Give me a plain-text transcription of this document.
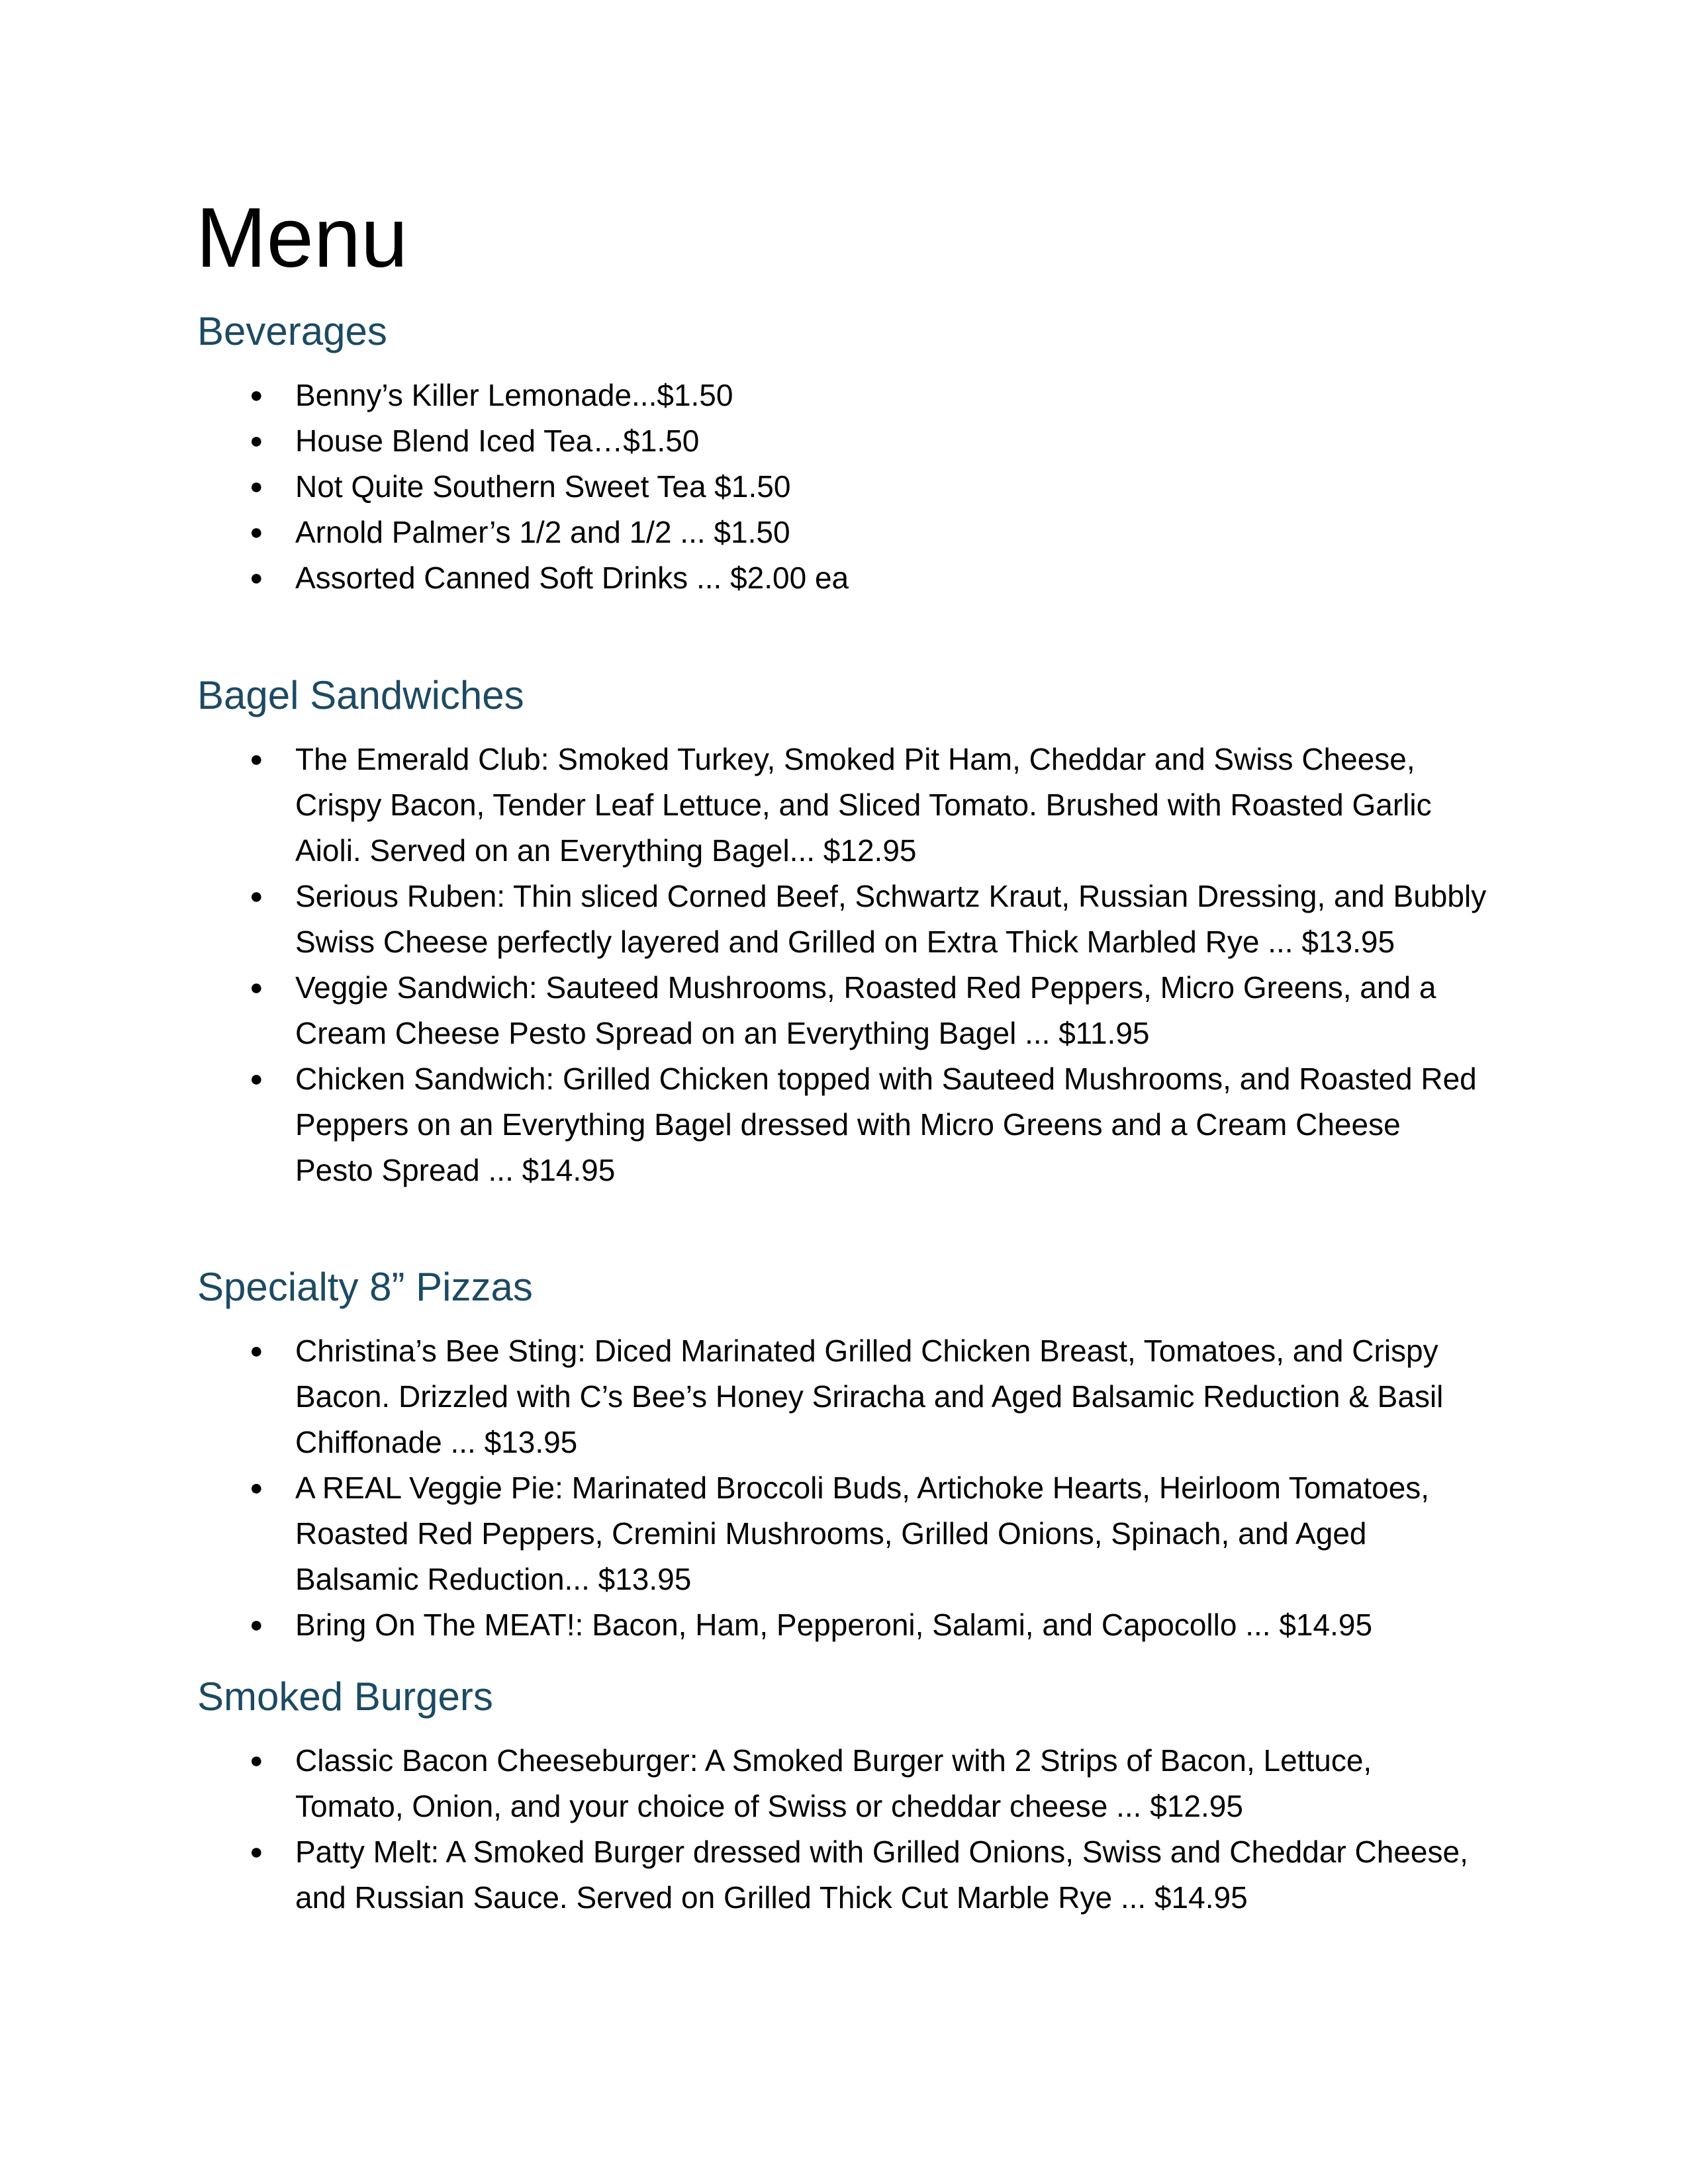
Menu
Beverages
● Benny’s Killer Lemonade...$1.50
● House Blend Iced Tea…$1.50
● Not Quite Southern Sweet Tea $1.50
● Arnold Palmer’s 1/2 and 1/2 ... $1.50
● Assorted Canned Soft Drinks ... $2.00 ea
Bagel Sandwiches
● The Emerald Club: Smoked Turkey, Smoked Pit Ham, Cheddar and Swiss Cheese, Crispy Bacon, Tender Leaf Lettuce, and Sliced Tomato. Brushed with Roasted Garlic Aioli. Served on an Everything Bagel... $12.95
● Serious Ruben: Thin sliced Corned Beef, Schwartz Kraut, Russian Dressing, and Bubbly Swiss Cheese perfectly layered and Grilled on Extra Thick Marbled Rye ... $13.95
● Veggie Sandwich: Sauteed Mushrooms, Roasted Red Peppers, Micro Greens, and a Cream Cheese Pesto Spread on an Everything Bagel ... $11.95
● Chicken Sandwich: Grilled Chicken topped with Sauteed Mushrooms, and Roasted Red Peppers on an Everything Bagel dressed with Micro Greens and a Cream Cheese Pesto Spread ... $14.95
Specialty 8” Pizzas
● Christina’s Bee Sting: Diced Marinated Grilled Chicken Breast, Tomatoes, and Crispy Bacon. Drizzled with C’s Bee’s Honey Sriracha and Aged Balsamic Reduction & Basil Chiffonade ... $13.95
● A REAL Veggie Pie: Marinated Broccoli Buds, Artichoke Hearts, Heirloom Tomatoes, Roasted Red Peppers, Cremini Mushrooms, Grilled Onions, Spinach, and Aged Balsamic Reduction... $13.95
● Bring On The MEAT!: Bacon, Ham, Pepperoni, Salami, and Capocollo ... $14.95
Smoked Burgers
● Classic Bacon Cheeseburger: A Smoked Burger with 2 Strips of Bacon, Lettuce, Tomato, Onion, and your choice of Swiss or cheddar cheese ... $12.95
● Patty Melt: A Smoked Burger dressed with Grilled Onions, Swiss and Cheddar Cheese, and Russian Sauce. Served on Grilled Thick Cut Marble Rye ... $14.95
